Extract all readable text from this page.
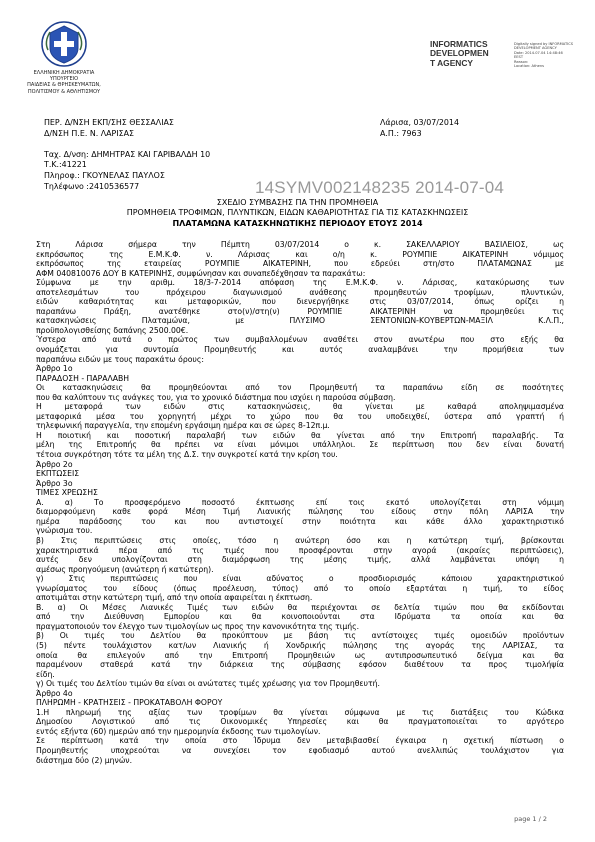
ΕΛΛΗΝΙΚΗ ΔΗΜΟΚΡΑΤΙΑ
ΥΠΟΥΡΓΕΙΟ
ΠΑΙΔΕΙΑΣ & ΘΡΗΣΚΕΥΜΑΤΩΝ,
ΠΟΛΙΤΙΣΜΟΥ & ΑΘΛΗΤΙΣΜΟΥ
INFORMATICS
DEVELOPMEN
T AGENCY
Digitally signed by INFORMATICS
DEVELOPMENT AGENCY
Date: 2014.07.04 14:48:46
EEST
Reason:
Location: Athens
ΠΕΡ. Δ/ΝΣΗ ΕΚΠ/ΣΗΣ ΘΕΣΣΑΛΙΑΣ
Δ/ΝΣΗ Π.Ε. Ν. ΛΑΡΙΣΑΣ
Ταχ. Δ/νση: ΔΗΜΗΤΡΑΣ ΚΑΙ ΓΑΡΙΒΑΛΔΗ 10
Τ.Κ.:41221
Πληροφ.: ΓΚΟΥΝΕΛΑΣ ΠΑΥΛΟΣ
Τηλέφωνο :2410536577
Λάρισα, 03/07/2014
Α.Π.: 7963
14SYMV002148235 2014-07-04
ΣΧΕΔΙΟ ΣΥΜΒΑΣΗΣ ΠΑ ΤΗΝ ΠΡΟΜΗΘΕΙΑ
ΠΡΟΜΗΘΕΙΑ ΤΡΟΦΙΜΩΝ, ΠΛΥΝΤΙΚΩΝ, ΕΙΔΩΝ ΚΑΘΑΡΙΟΤΗΤΑΣ ΓΙΑ ΤΙΣ ΚΑΤΑΣΚΗΝΩΣΕΙΣ
ΠΛΑΤΑΜΩΝΑ ΚΑΤΑΣΚΗΝΩΤΙΚΗΣ ΠΕΡΙΟΔΟΥ ΕΤΟΥΣ 2014
Στη Λάρισα σήμερα την Πέμπτη 03/07/2014 ο κ. ΣΑΚΕΛΛΑΡΙΟΥ ΒΑΣΙΛΕΙΟΣ, ως
εκπρόσωπος της Ε.Μ.Κ.Φ. ν. Λάρισας και ο/η κ. ΡΟΥΜΠΙΕ ΑΙΚΑΤΕΡΙΝΗ νόμιμος
εκπρόσωπος της εταιρείας ΡΟΥΜΠΙΕ ΑΙΚΑΤΕΡΙΝΗ, που εδρεύει στη/στο ΠΛΑΤΑΜΩΝΑΣ με
ΑΦΜ 040810076 ΔΟΥ Β ΚΑΤΕΡΙΝΗΣ, συμφώνησαν και συναπεδέχθησαν τα παρακάτω:
Σύμφωνα με την αριθμ. 18/3-7-2014 απόφαση της Ε.Μ.Κ.Φ. ν. Λάρισας, κατακύρωσης των
αποτελεσμάτων του πρόχειρου διαγωνισμού ανάθεσης προμηθευτών τροφίμων, πλυντικών,
ειδών καθαριότητας και μεταφορικών, που διενεργήθηκε στις 03/07/2014, όπως ορίζει η
παραπάνω Πράξη, ανατέθηκε στο(ν)/στη(ν) ΡΟΥΜΠΙΕ ΑΙΚΑΤΕΡΙΝΗ να προμηθεύει τις
κατασκηνώσεις Πλαταμώνα, με ΠΛΥΣΙΜΟ ΣΕΝΤΟΝΙΩΝ-ΚΟΥΒΕΡΤΩΝ-ΜΑΞΙΛ Κ.Λ.Π.,
προϋπολογισθείσης δαπάνης 2500.00€.
Ύστερα από αυτά ο πρώτος των συμβαλλομένων αναθέτει στον ανωτέρω που στο εξής θα
ονομάζεται για συντομία Προμηθευτής και αυτός αναλαμβάνει την προμήθεια των
παραπάνω ειδών με τους παρακάτω όρους:
Άρθρο 1ο
ΠΑΡΑΔΟΣΗ - ΠΑΡΑΛΑΒΗ
Οι κατασκηνώσεις θα προμηθεύονται από τον Προμηθευτή τα παραπάνω είδη σε ποσότητες
που θα καλύπτουν τις ανάγκες του, για το χρονικό διάστημα που ισχύει η παρούσα σύμβαση.
Η μεταφορά των ειδών στις κατασκηνώσεις, θα γίνεται με καθαρά αποληψιμασμένα
μεταφορικά μέσα του χορηγητή μέχρι το χώρο που θα του υποδειχθεί, ύστερα από γραπτή ή
τηλεφωνική παραγγελία, την επομένη εργάσιμη ημέρα και σε ώρες 8-12π.μ.
Η ποιοτική και ποσοτική παραλαβή των ειδών θα γίνεται από την Επιτροπή παραλαβής. Τα
μέλη της Επιτροπής θα πρέπει να είναι μόνιμοι υπάλληλοι. Σε περίπτωση που δεν είναι δυνατή
τέτοια συγκρότηση τότε τα μέλη της Δ.Σ. την συγκροτεί κατά την κρίση του.
Άρθρο 2ο
ΕΚΠΤΩΣΕΙΣ
Άρθρο 3ο
ΤΙΜΕΣ ΧΡΕΩΣΗΣ
Α. α) Το προσφερόμενο ποσοστό έκπτωσης επί τοις εκατό υπολογίζεται στη νόμιμη
διαμορφούμενη καθε φορά Μέση Τιμή Λιανικής πώλησης του είδους στην πόλη ΛΑΡΙΣΑ την
ημέρα παράδοσης του και που αντιστοιχεί στην ποιότητα και κάθε άλλο χαρακτηριστικό
γνώρισμα του.
β) Στις περιπτώσεις στις οποίες, τόσο η ανώτερη όσο και η κατώτερη τιμή, βρίσκονται
χαρακτηριστικά πέρα από τις τιμές που προσφέρονται στην αγορά (ακραίες περιπτώσεις),
αυτές δεν υπολογίζονται στη διαμόρφωση της μέσης τιμής, αλλά λαμβάνεται υπόψη η
αμέσως προηγούμενη (ανώτερη ή κατώτερη).
γ) Στις περιπτώσεις που είναι αδύνατος ο προσδιορισμός κάποιου χαρακτηριστικού
γνωρίσματος του είδους (όπως προέλευση, τύπος) από το οποίο εξαρτάται η τιμή, το είδος
αποτιμάται στην κατώτερη τιμή, από την οποία αφαιρείται η έκπτωση.
Β. α) Οι Μέσες Λιανικές Τιμές των ειδών θα περιέχονται σε δελτία τιμών που θα εκδίδονται
από την Διεύθυνση Εμπορίου και θα κοινοποιούνται στα Ιδρύματα τα οποία και θα
πραγματοποιούν τον έλεγχο των τιμολογίων ως προς την κανονικότητα της τιμής.
β) Οι τιμές του Δελτίου θα προκύπτουν με βάση τις αντίστοιχες τιμές ομοειδών προϊόντων
(5) πέντε τουλάχιστον κατ/ων Λιανικής ή Χονδρικής πώλησης της αγοράς της ΛΑΡΙΣΑΣ, τα
οποία θα επιλεγούν από την Επιτροπή Προμηθειών ως αντιπροσωπευτικό δείγμα και θα
παραμένουν σταθερά κατά την διάρκεια της σύμβασης εφόσον διαθέτουν τα προς τιμολήψία
είδη.
γ) Οι τιμές του Δελτίου τιμών θα είναι οι ανώτατες τιμές χρέωσης για τον Προμηθευτή.
Άρθρο 4ο
ΠΛΗΡΩΜΗ - ΚΡΑΤΗΣΕΙΣ - ΠΡΟΚΑΤΑΒΟΛΗ ΦΟΡΟΥ
1.Η πληρωμή της αξίας των τροφίμων θα γίνεται σύμφωνα με τις διατάξεις του Κώδικα
Δημοσίου Λογιστικού από τις Οικονομικές Υπηρεσίες και θα πραγματοποιείται το αργότερο
εντός εξήντα (60) ημερών από την ημερομηνία έκδοσης των τιμολογίων.
Σε περίπτωση κατά την οποία στο Ίδρυμα δεν μεταβιβασθεί έγκαιρα η σχετική πίστωση ο
Προμηθευτής υποχρεούται να συνεχίσει τον εφοδιασμό αυτού ανελλιπώς τουλάχιστον για
διάστημα δύο (2) μηνών.
page 1 / 2
